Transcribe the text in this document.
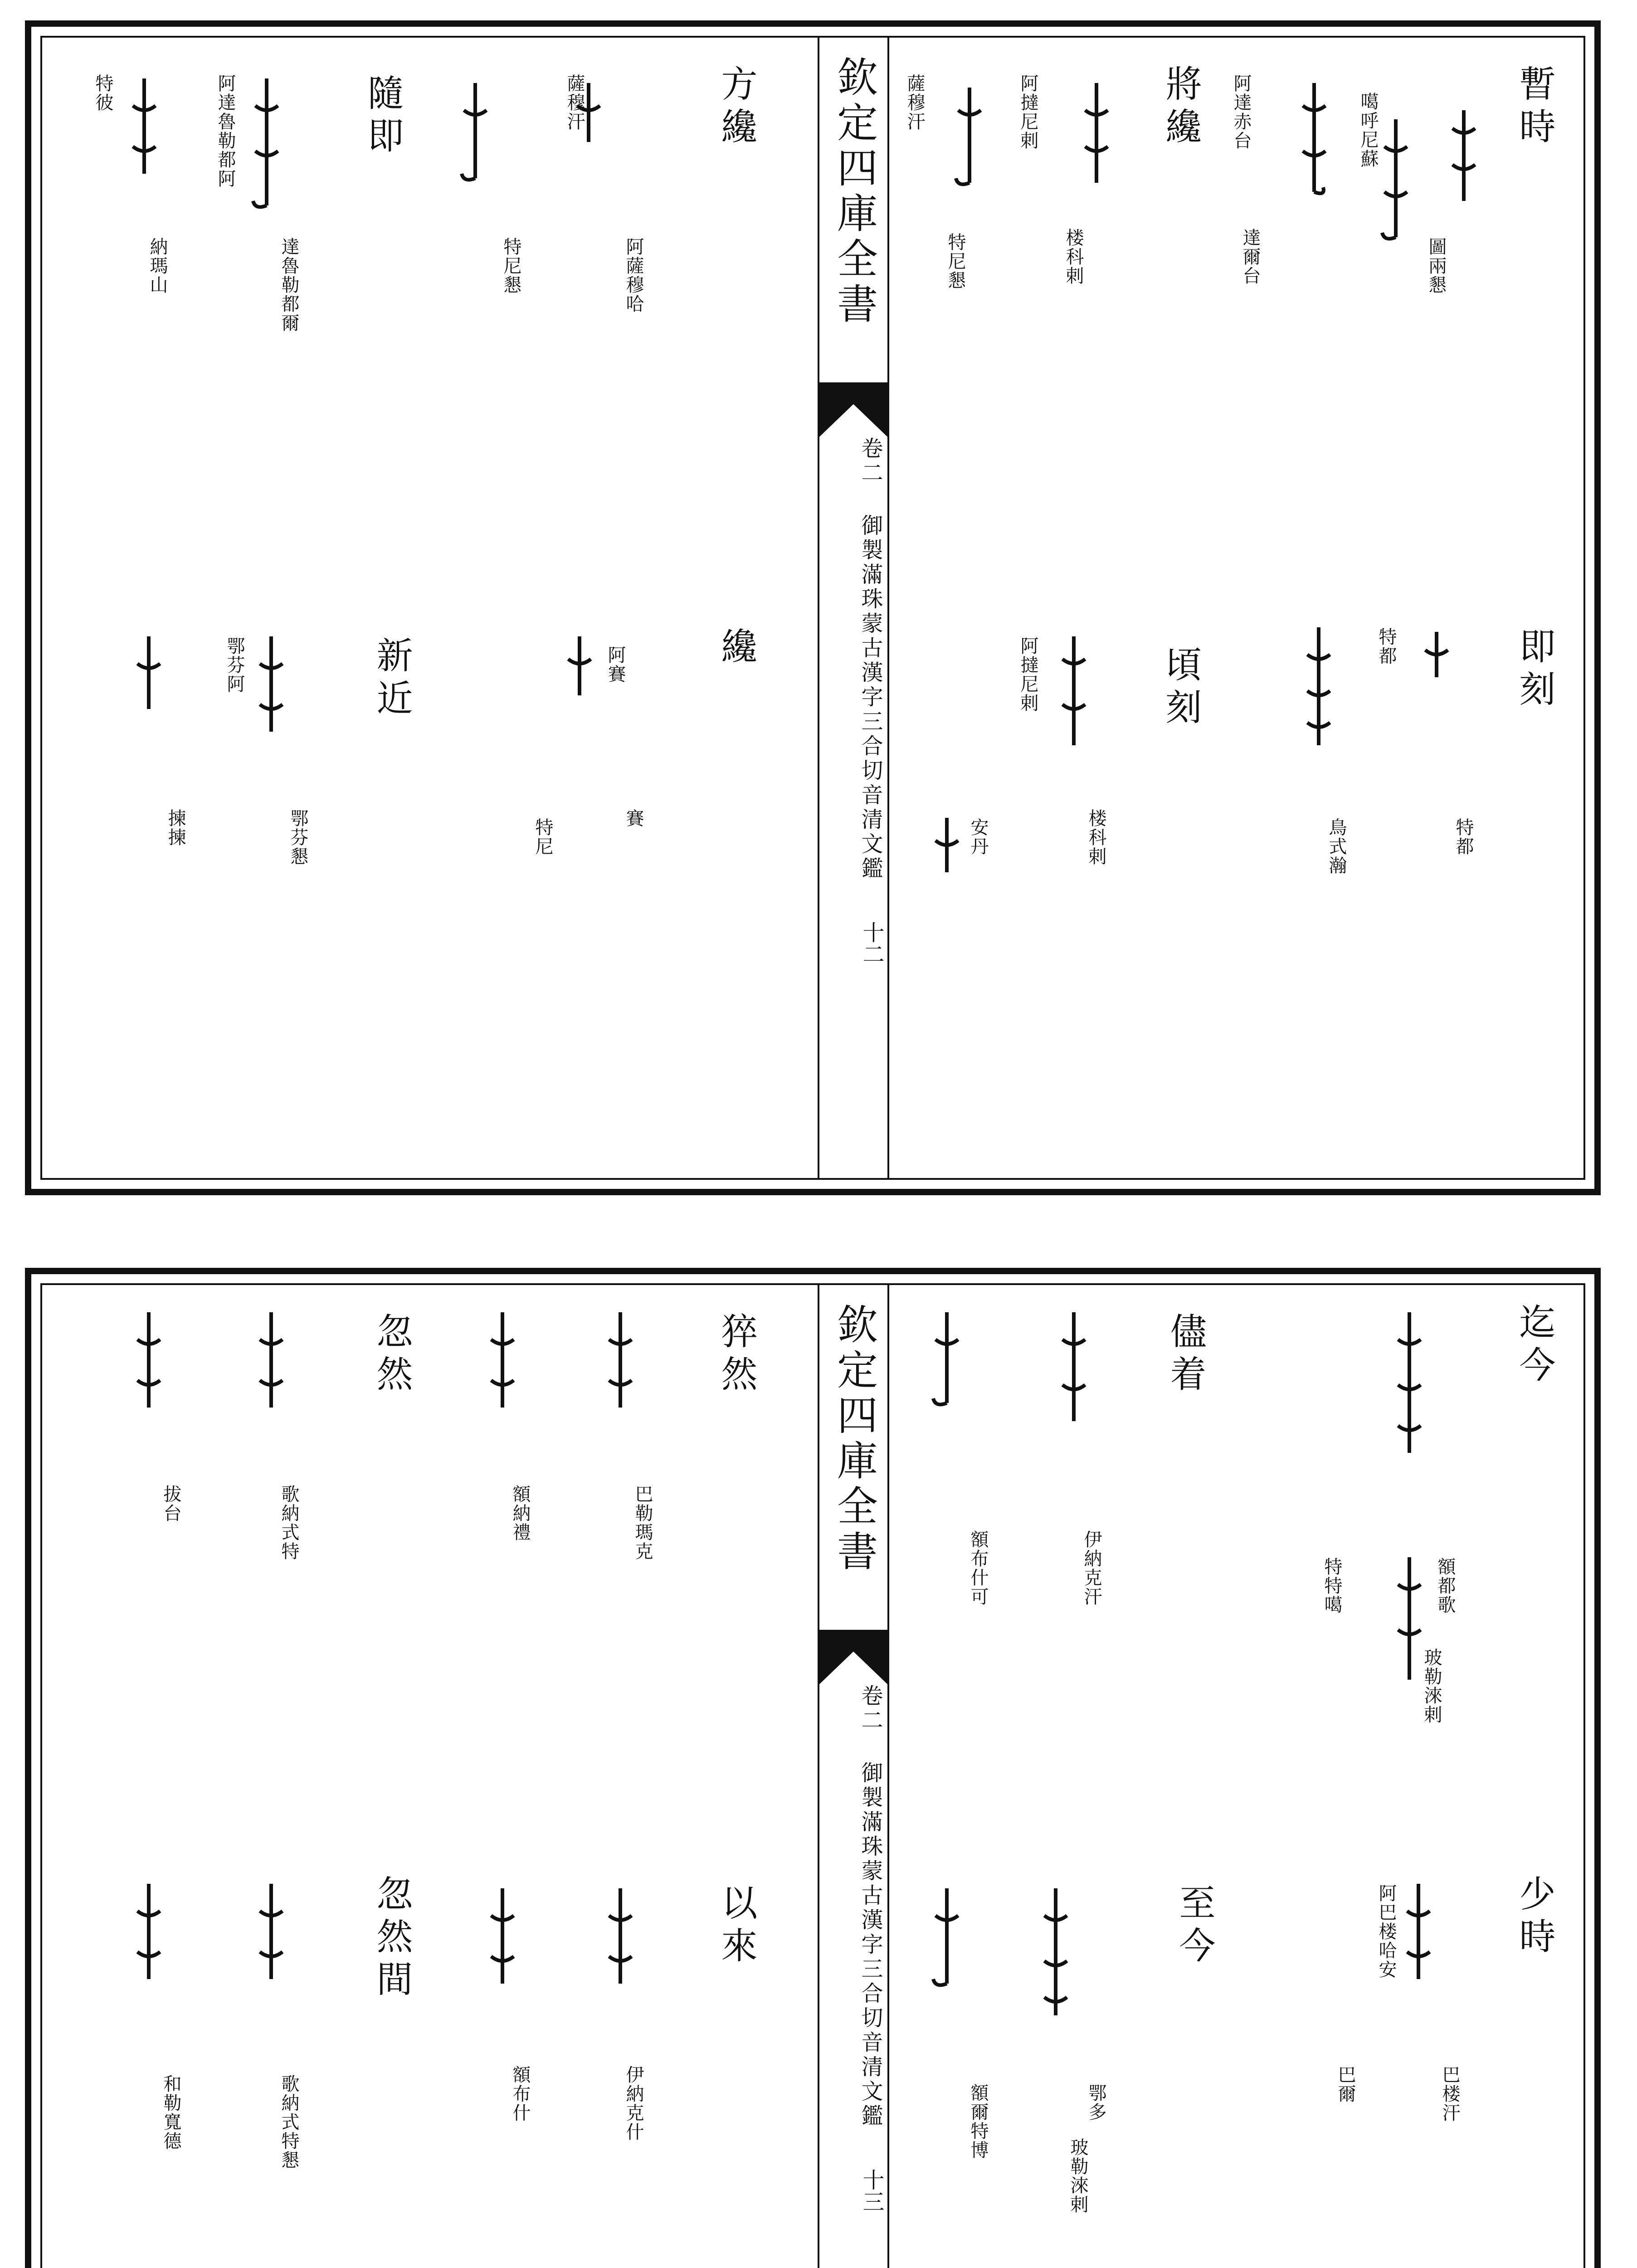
欽定四庫全書
卷二 御製滿珠蒙古漢字三合切音清文鑑
十二
暫時
圖兩懇
噶呼尼蘇
將纔
達爾台
阿達赤台
楼科剌
阿撻尼剌
特尼懇
薩穆汗
即刻
特都
特都
鳥式瀚
頃刻
楼科剌
阿撻尼剌
安丹
方纔
阿薩穆哈
薩穆汗
特尼懇
隨即
達魯勒都爾
阿達魯勒都阿
納瑪山
特彼
纔
阿賽
賽
特尼
新近
鄂芬懇
鄂芬阿
揀揀
欽定四庫全書
卷二 御製滿珠蒙古漢字三合切音清文鑑
十三
迄今
額都歌
玻勒淶剌
特特噶
儘着
伊納克汗
額布什可
少時
巴楼汗
阿巴楼哈安
巴爾
至今
鄂多
玻勒淶剌
額爾特博
猝然
巴勒瑪克
額納禮
忽然
歌納式特
拔台
以來
伊納克什
額布什
忽然間
歌納式特懇
和勒寬德
